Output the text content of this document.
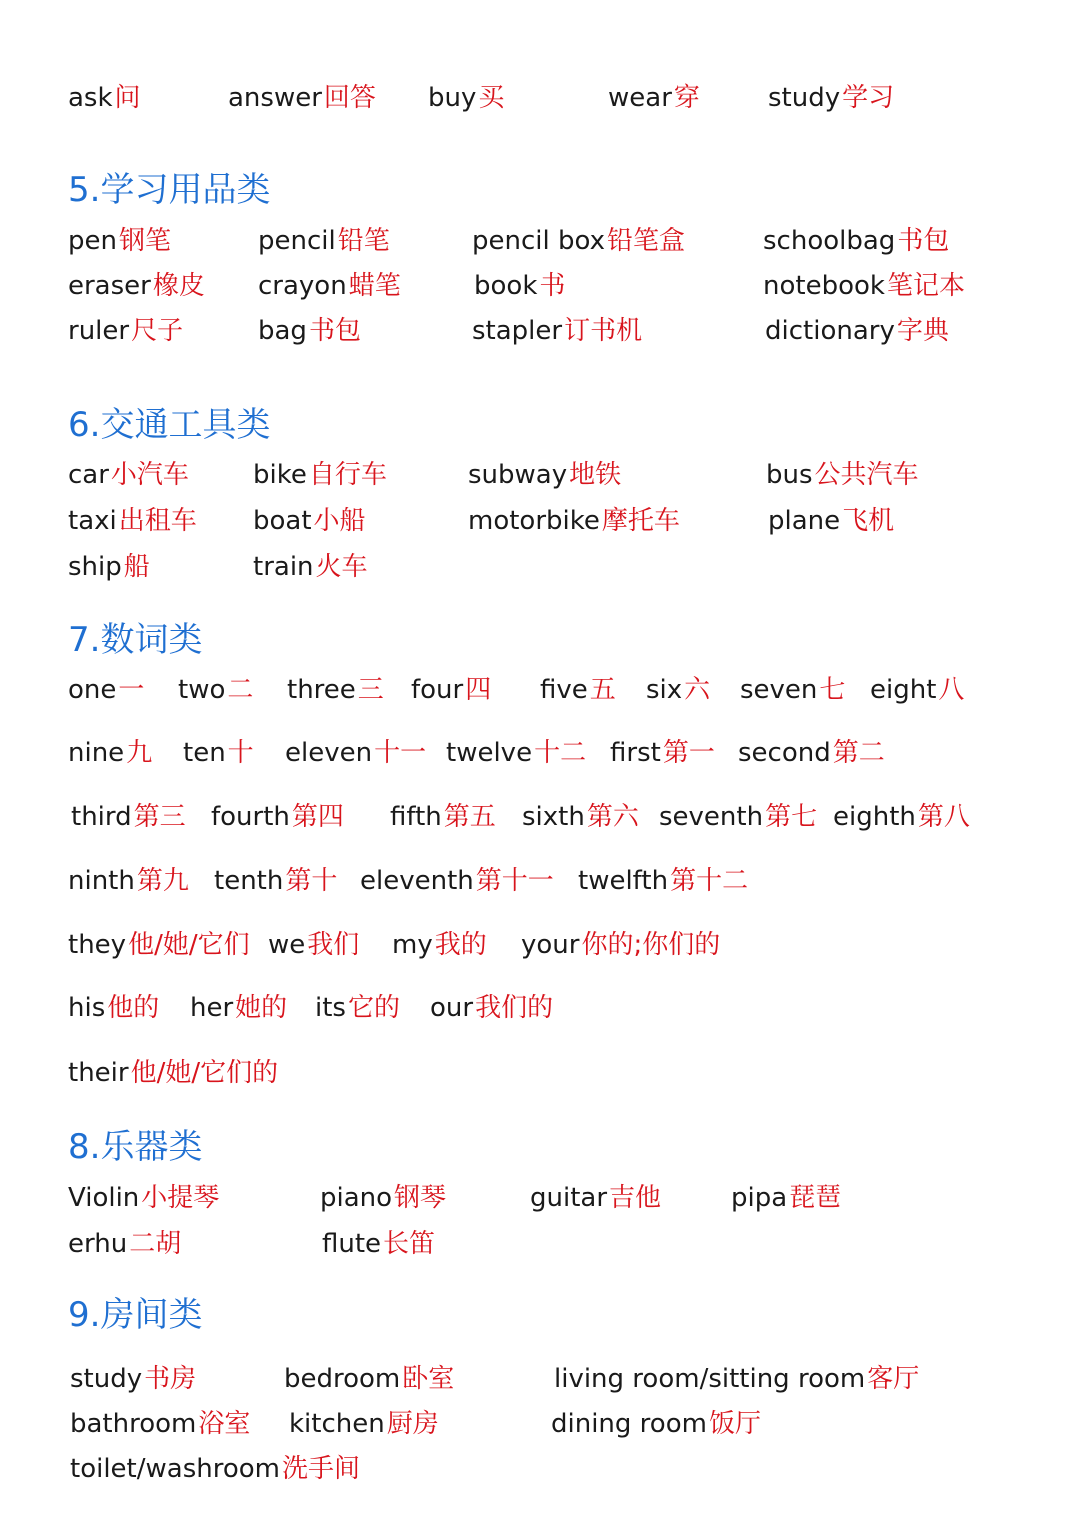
ask问	answer回答 buy买	wear穿	study学习
5.学习用品类
pen钢笔	pencil铅笔	pencil box铅笔盒	schoolbag书包
eraser橡皮 crayon蜡笔	book书	notebook笔记本
ruler尺子	bag书包	stapler订书机	dictionary字典
6.交通工具类
car小汽车 bike自行车	subway地铁	bus公共汽车
taxi出租车 boat小船	motorbike摩托车	plane飞机
ship船	train火车
7.数词类
one一 two二 three三 four四 five五 six六 seven七 eight八
nine九 ten十 eleven十一 twelve十二 first第一 second第二
third第三 fourth第四 fifth第五 sixth第六 seventh第七 eighth第八
ninth第九 tenth第十 eleventh第十一 twelfth第十二
they他/她/它们 we我们 my我的 your你的;你们的
his他的 her她的 its它的 our我们的
their他/她/它们的
8.乐器类
Violin小提琴	piano钢琴	guitar吉他	pipa琵琶
erhu二胡	flute长笛
9.房间类
study书房	bedroom卧室	living room/sitting room客厅
bathroom浴室 kitchen厨房	dining room饭厅
toilet/washroom洗手间
